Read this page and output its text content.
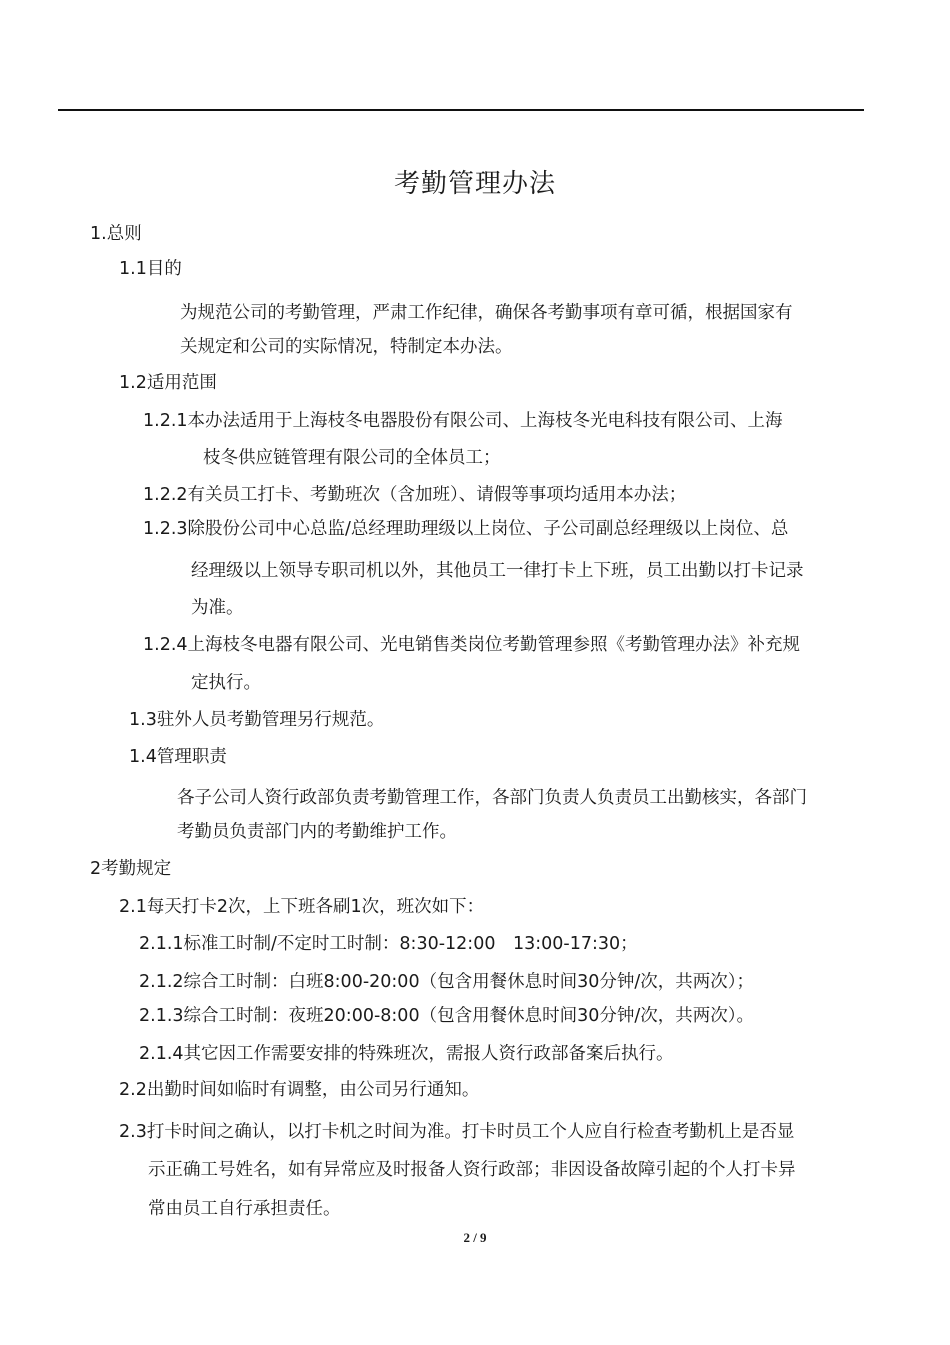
考勤管理办法
1.总则
1.1目的
为规范公司的考勤管理，严肃工作纪律，确保各考勤事项有章可循，根据国家有
关规定和公司的实际情况，特制定本办法。
1.2适用范围
1.2.1本办法适用于上海枝冬电器股份有限公司、上海枝冬光电科技有限公司、上海
枝冬供应链管理有限公司的全体员工；
1.2.2有关员工打卡、考勤班次（含加班）、请假等事项均适用本办法；
1.2.3除股份公司中心总监/总经理助理级以上岗位、子公司副总经理级以上岗位、总
经理级以上领导专职司机以外，其他员工一律打卡上下班，员工出勤以打卡记录
为准。
1.2.4上海枝冬电器有限公司、光电销售类岗位考勤管理参照《考勤管理办法》补充规
定执行。
1.3驻外人员考勤管理另行规范。
1.4管理职责
各子公司人资行政部负责考勤管理工作，各部门负责人负责员工出勤核实，各部门
考勤员负责部门内的考勤维护工作。
2考勤规定
2.1每天打卡2次，上下班各刷1次，班次如下：
2.1.1标准工时制/不定时工时制：8:30-12:00　13:00-17:30；
2.1.2综合工时制：白班8:00-20:00（包含用餐休息时间30分钟/次，共两次）；
2.1.3综合工时制：夜班20:00-8:00（包含用餐休息时间30分钟/次，共两次）。
2.1.4其它因工作需要安排的特殊班次，需报人资行政部备案后执行。
2.2出勤时间如临时有调整，由公司另行通知。
2.3打卡时间之确认，以打卡机之时间为准。打卡时员工个人应自行检查考勤机上是否显
示正确工号姓名，如有异常应及时报备人资行政部；非因设备故障引起的个人打卡异
常由员工自行承担责任。
2 / 9
